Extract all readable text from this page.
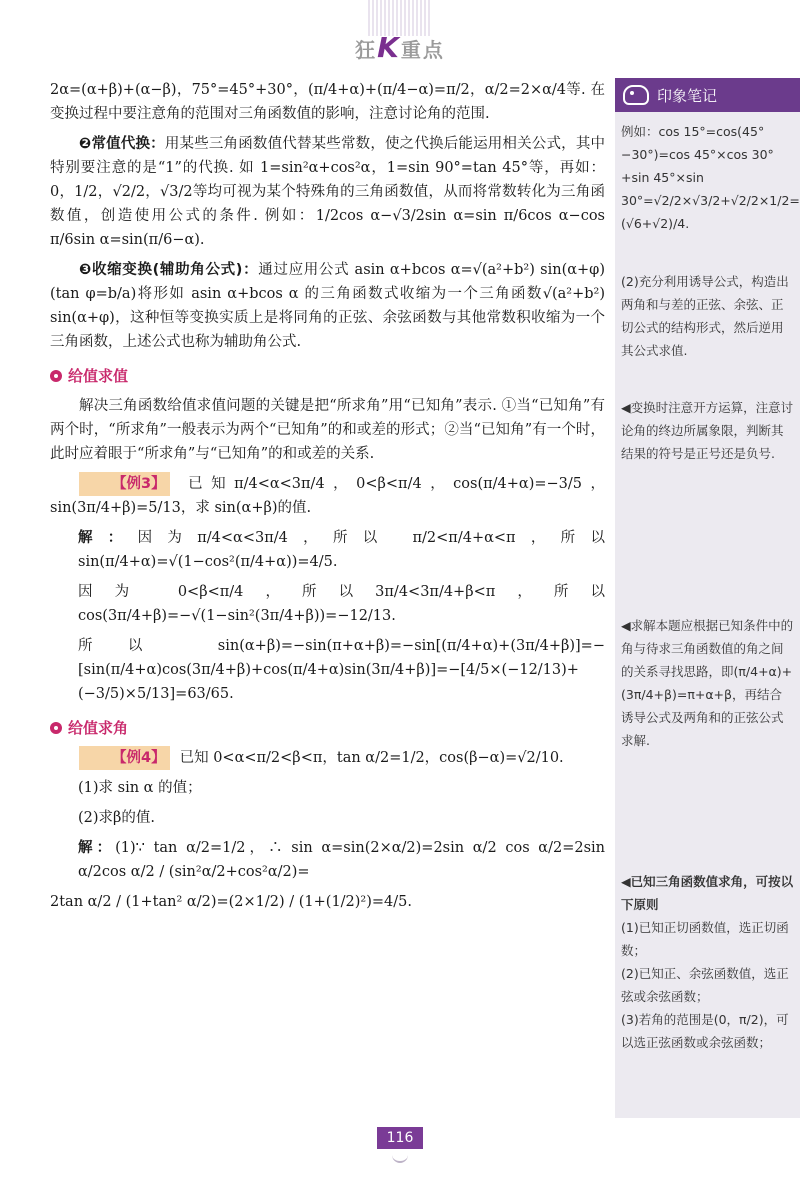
狂K重点

2α=(α+β)+(α−β)，75°=45°+30°，(π/4+α)+(π/4−α)=π/2，α/2=2×α/4等. 在变换过程中要注意角的范围对三角函数值的影响，注意讨论角的范围.

❷常值代换：用某些三角函数值代替某些常数，使之代换后能运用相关公式，其中特别要注意的是“1”的代换. 如 1=sin²α+cos²α，1=sin 90°=tan 45°等，再如：0，1/2，√2/2，√3/2等均可视为某个特殊角的三角函数值，从而将常数转化为三角函数值，创造使用公式的条件. 例如：1/2cos α−√3/2sin α=sin π/6cos α−cos π/6sin α=sin(π/6−α).

❸收缩变换(辅助角公式)：通过应用公式 asin α+bcos α=√(a²+b²) sin(α+φ)(tan φ=b/a)将形如 asin α+bcos α 的三角函数式收缩为一个三角函数√(a²+b²) sin(α+φ)，这种恒等变换实质上是将同角的正弦、余弦函数与其他常数积收缩为一个三角函数，上述公式也称为辅助角公式.

给值求值

解决三角函数给值求值问题的关键是把“所求角”用“已知角”表示. ①当“已知角”有两个时，“所求角”一般表示为两个“已知角”的和或差的形式；②当“已知角”有一个时，此时应着眼于“所求角”与“已知角”的和或差的关系.

【例3】 已知π/4<α<3π/4，0<β<π/4，cos(π/4+α)=−3/5，sin(3π/4+β)=5/13，求 sin(α+β)的值.

解：因为π/4<α<3π/4，所以 π/2<π/4+α<π，所以 sin(π/4+α)=√(1−cos²(π/4+α))=4/5.

因为 0<β<π/4，所以3π/4<3π/4+β<π，所以 cos(3π/4+β)=−√(1−sin²(3π/4+β))=−12/13.

所以 sin(α+β)=−sin(π+α+β)=−sin[(π/4+α)+(3π/4+β)]=−[sin(π/4+α)cos(3π/4+β)+cos(π/4+α)sin(3π/4+β)]=−[4/5×(−12/13)+(−3/5)×5/13]=63/65.

给值求角

【例4】 已知 0<α<π/2<β<π，tan α/2=1/2，cos(β−α)=√2/10.

(1)求 sin α 的值；

(2)求β的值.

解：(1)∵ tan α/2=1/2，∴ sin α=sin(2×α/2)=2sin α/2 cos α/2=2sin α/2cos α/2 / (sin²α/2+cos²α/2)=

2tan α/2 / (1+tan² α/2)=(2×1/2) / (1+(1/2)²)=4/5.

印象笔记
例如：cos 15°=cos(45°−30°)=cos 45°×cos 30°+sin 45°×sin 30°=√2/2×√3/2+√2/2×1/2=(√6+√2)/4.
(2)充分利用诱导公式，构造出两角和与差的正弦、余弦、正切公式的结构形式，然后逆用其公式求值.
◀变换时注意开方运算，注意讨论角的终边所属象限，判断其结果的符号是正号还是负号.
◀求解本题应根据已知条件中的角与待求三角函数值的角之间的关系寻找思路，即(π/4+α)+(3π/4+β)=π+α+β，再结合诱导公式及两角和的正弦公式求解.
◀已知三角函数值求角，可按以下原则
(1)已知正切函数值，选正切函数；
(2)已知正、余弦函数值，选正弦或余弦函数；
(3)若角的范围是(0，π/2)，可以选正弦函数或余弦函数；
116
